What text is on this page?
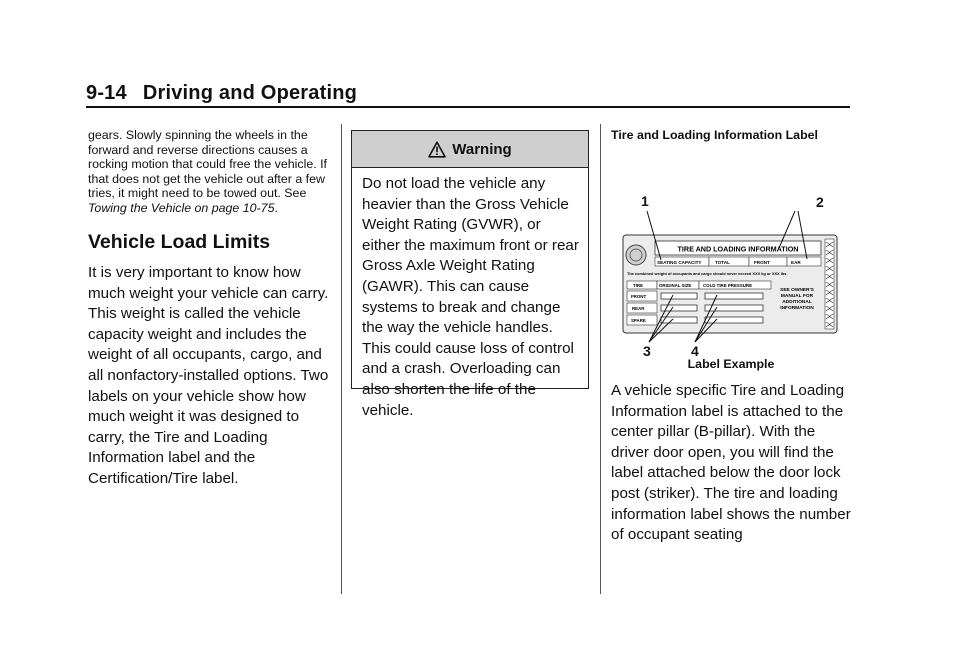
9-14 Driving and Operating
gears. Slowly spinning the wheels in the forward and reverse directions causes a rocking motion that could free the vehicle. If that does not get the vehicle out after a few tries, it might need to be towed out. See Towing the Vehicle on page 10-75.
Vehicle Load Limits
It is very important to know how much weight your vehicle can carry. This weight is called the vehicle capacity weight and includes the weight of all occupants, cargo, and all nonfactory-installed options. Two labels on your vehicle show how much weight it was designed to carry, the Tire and Loading Information label and the Certification/Tire label.
Warning
Do not load the vehicle any heavier than the Gross Vehicle Weight Rating (GVWR), or either the maximum front or rear Gross Axle Weight Rating (GAWR). This can cause systems to break and change the way the vehicle handles. This could cause loss of control and a crash. Overloading can also shorten the life of the vehicle.
Tire and Loading Information Label
1	2
3	4
TIRE AND LOADING INFORMATION
SEATING CAPACITY	TOTAL	FRONT	EAR
The combined weight of occupants and cargo should never exceed XXX kg or XXX lbs.
TIRE	ORIGINAL SIZE	COLD TIRE PRESSURE
FRONT
REAR
SPARE
SEE OWNER'S
MANUAL FOR
ADDITIONAL
INFORMATION
Label Example
A vehicle specific Tire and Loading Information label is attached to the center pillar (B-pillar). With the driver door open, you will find the label attached below the door lock post (striker). The tire and loading information label shows the number of occupant seating
